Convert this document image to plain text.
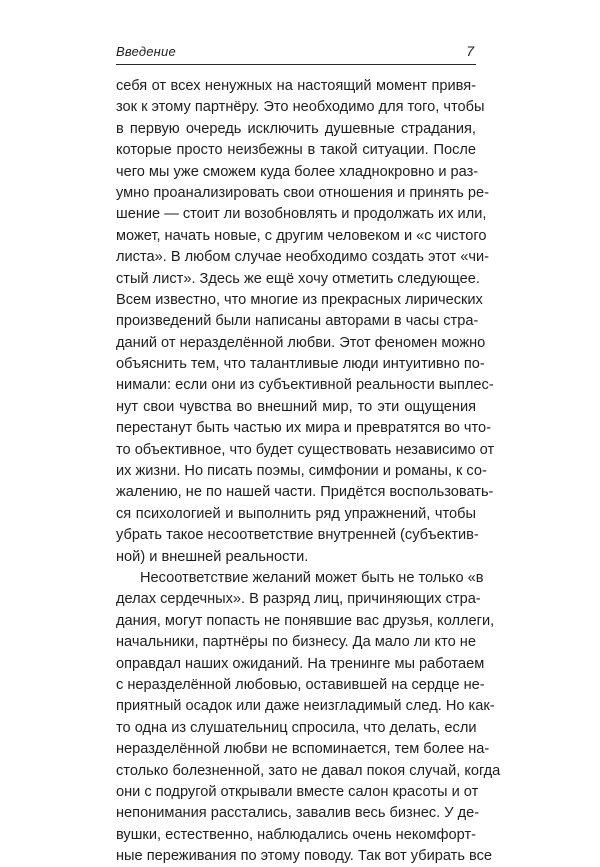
Введение	7
себя от всех ненужных на настоящий момент привя-
зок к этому партнёру. Это необходимо для того, чтобы
в первую очередь исключить душевные страдания,
которые просто неизбежны в такой ситуации. После
чего мы уже сможем куда более хладнокровно и раз-
умно проанализировать свои отношения и принять ре-
шение — стоит ли возобновлять и продолжать их или,
может, начать новые, с другим человеком и «с чистого
листа». В любом случае необходимо создать этот «чи-
стый лист». Здесь же ещё хочу отметить следующее.
Всем известно, что многие из прекрасных лирических
произведений были написаны авторами в часы стра-
даний от неразделённой любви. Этот феномен можно
объяснить тем, что талантливые люди интуитивно по-
нимали: если они из субъективной реальности выплес-
нут свои чувства во внешний мир, то эти ощущения
перестанут быть частью их мира и превратятся во что-
то объективное, что будет существовать независимо от
их жизни. Но писать поэмы, симфонии и романы, к со-
жалению, не по нашей части. Придётся воспользовать-
ся психологией и выполнить ряд упражнений, чтобы
убрать такое несоответствие внутренней (субъектив-
ной) и внешней реальности.
Несоответствие желаний может быть не только «в
делах сердечных». В разряд лиц, причиняющих стра-
дания, могут попасть не понявшие вас друзья, коллеги,
начальники, партнёры по бизнесу. Да мало ли кто не
оправдал наших ожиданий. На тренинге мы работаем
с неразделённой любовью, оставившей на сердце не-
приятный осадок или даже неизгладимый след. Но как-
то одна из слушательниц спросила, что делать, если
неразделённой любви не вспоминается, тем более на-
столько болезненной, зато не давал покоя случай, когда
они с подругой открывали вместе салон красоты и от
непонимания расстались, завалив весь бизнес. У де-
вушки, естественно, наблюдались очень некомфорт-
ные переживания по этому поводу. Так вот убирать все
